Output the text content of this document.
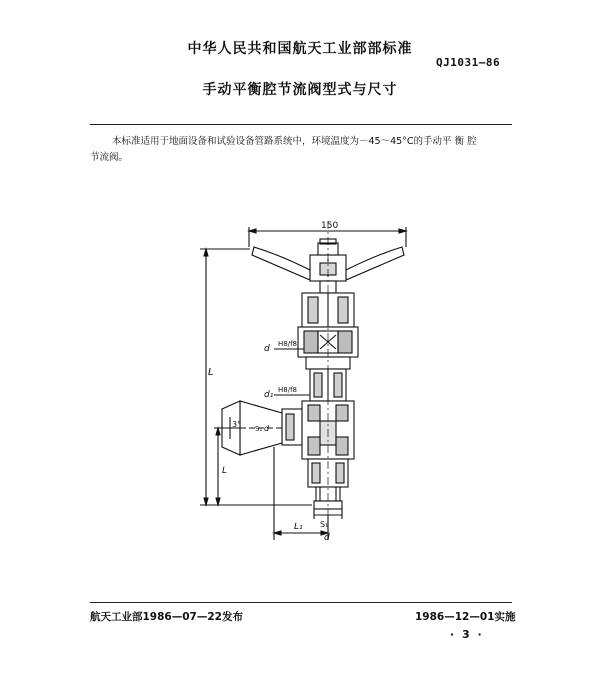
中华人民共和国航天工业部部标准
QJ1031—86
手动平衡腔节流阀型式与尺寸
本标准适用于地面设备和试验设备管路系统中，环境温度为－45～45°C的手动平 衡 腔
节流阀。
3°
150
L
L
L₁
d H8/f8
d₁ H8/f8
d
S₁
S₁
d
航天工业部1986—07—22发布	1986—12—01实施
· 3 ·
